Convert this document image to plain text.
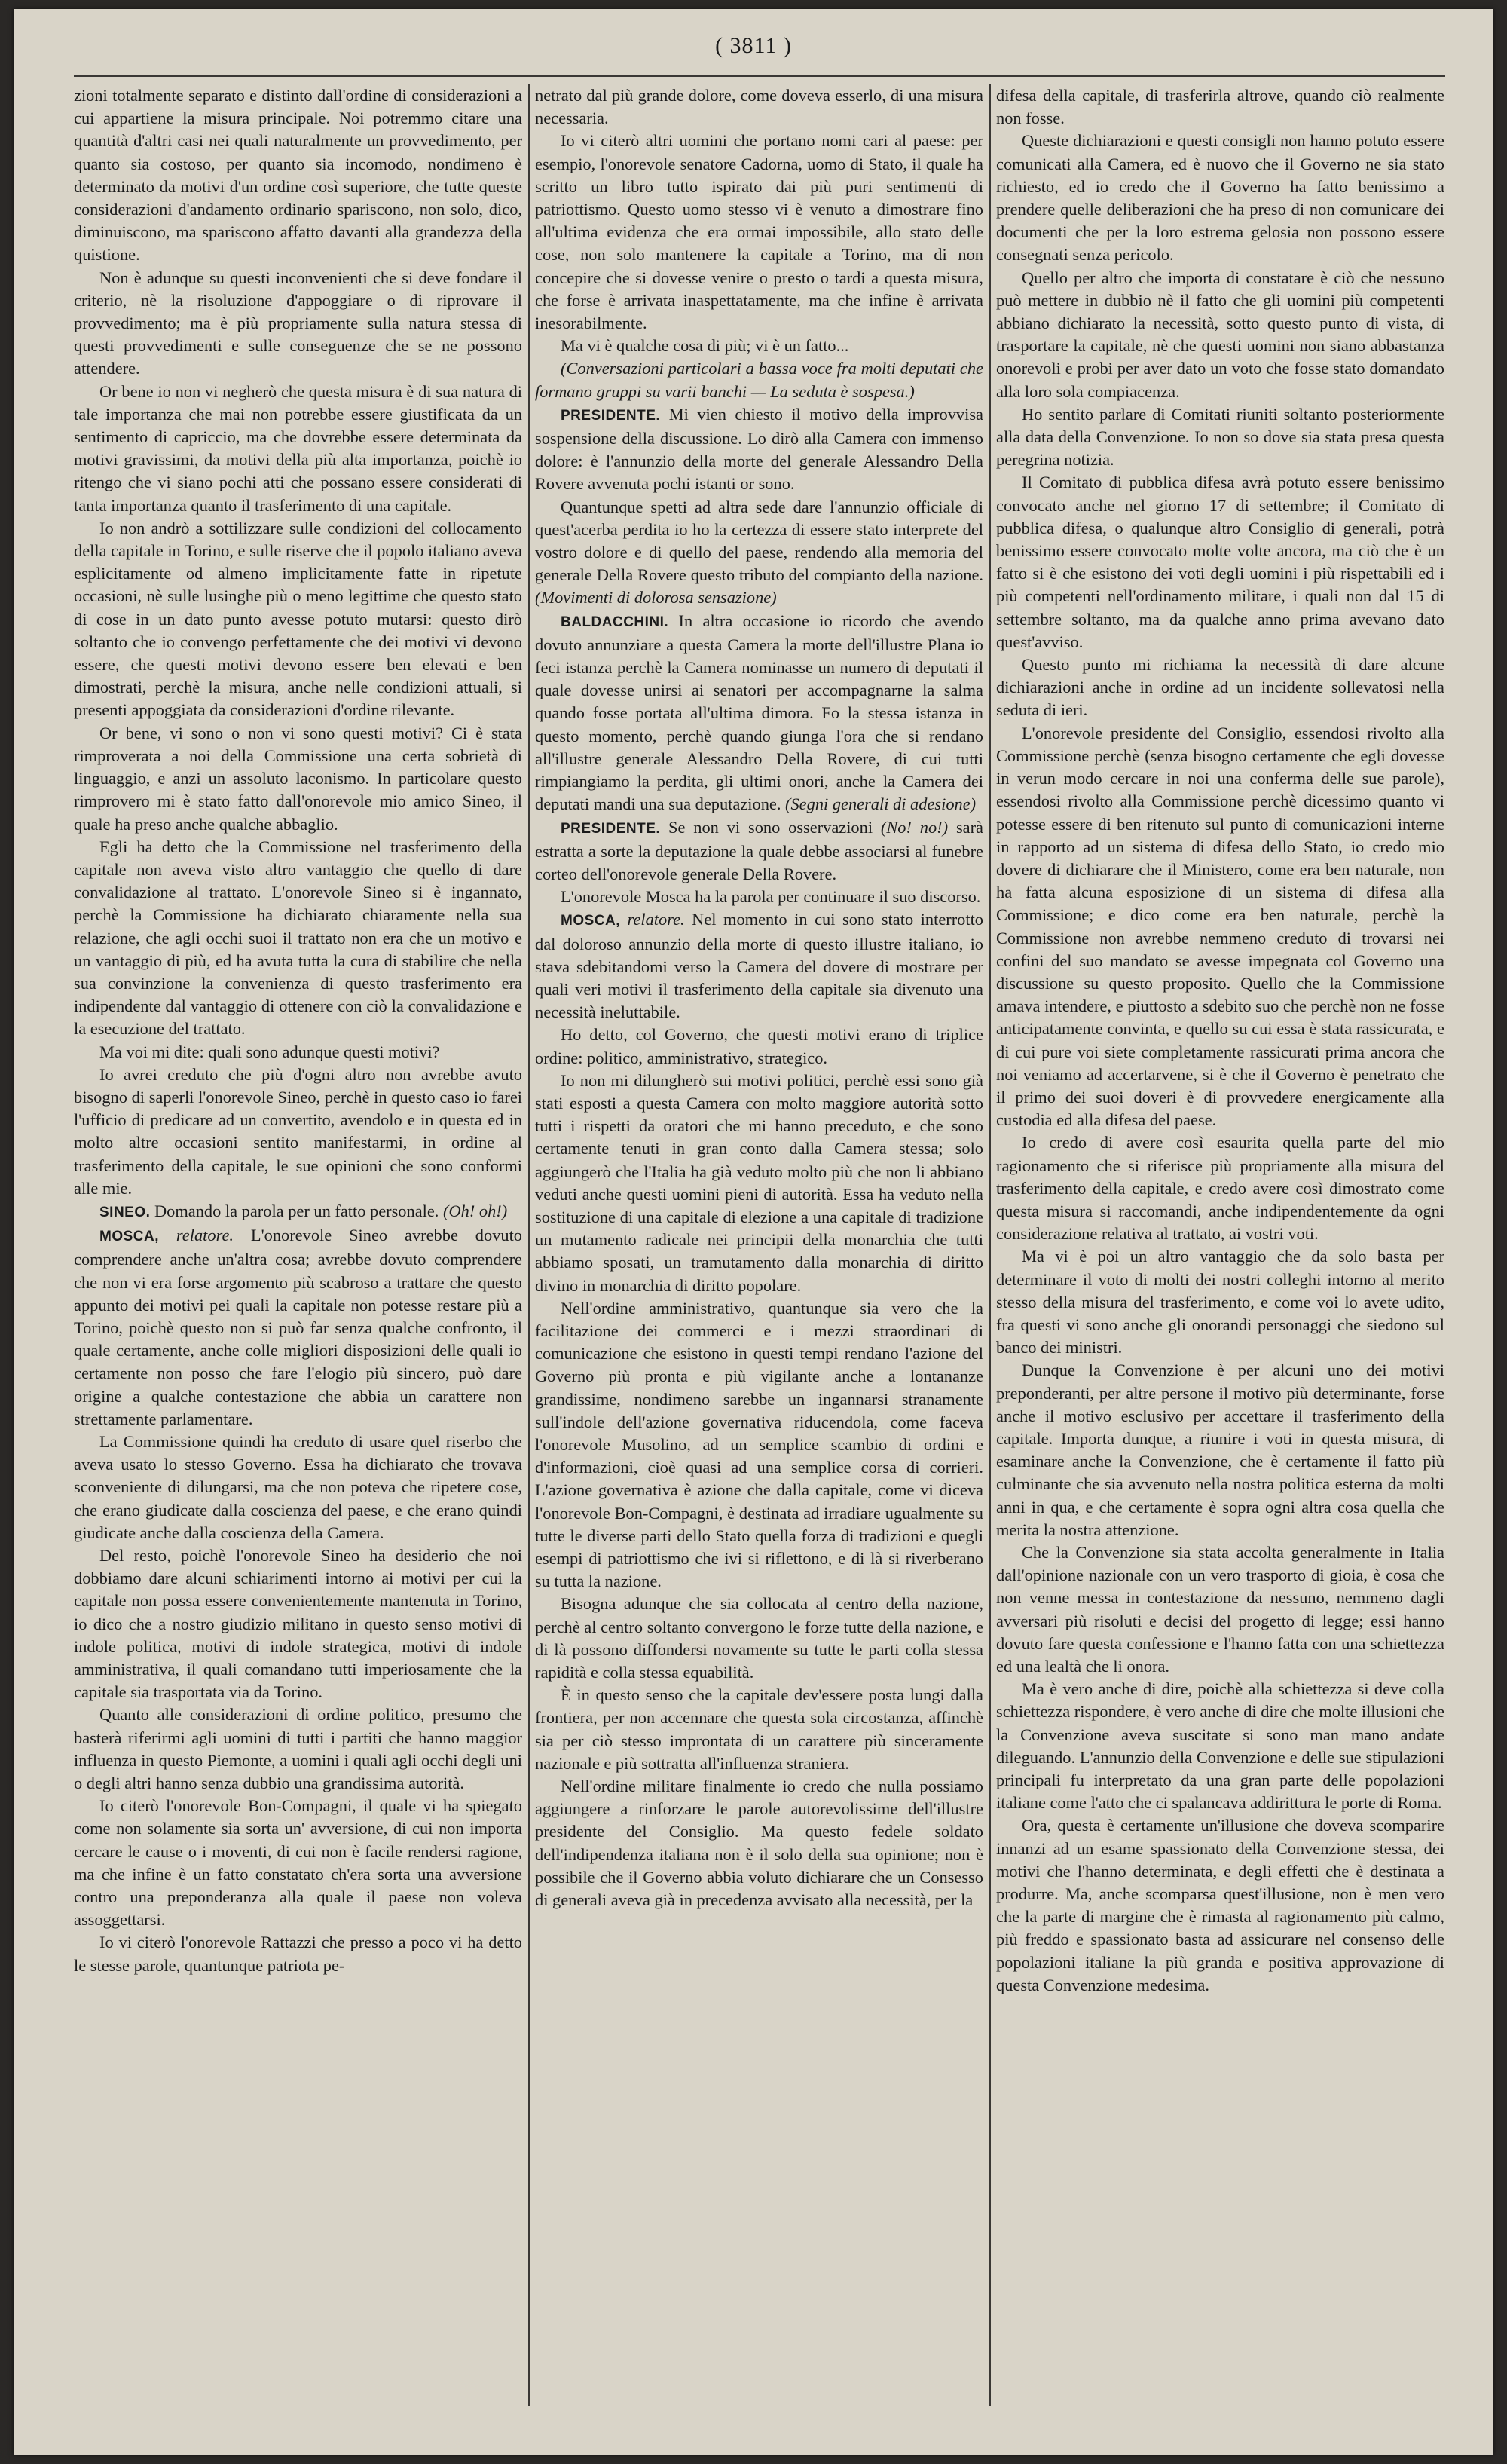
( 3811 )

zioni totalmente separato e distinto dall'ordine di considerazioni a cui appartiene la misura principale. Noi potremmo citare una quantità d'altri casi nei quali naturalmente un provvedimento, per quanto sia costoso, per quanto sia incomodo, nondimeno è determinato da motivi d'un ordine così superiore, che tutte queste considerazioni d'andamento ordinario spariscono, non solo, dico, diminuiscono, ma spariscono affatto davanti alla grandezza della quistione.

Non è adunque su questi inconvenienti che si deve fondare il criterio, nè la risoluzione d'appoggiare o di riprovare il provvedimento; ma è più propriamente sulla natura stessa di questi provvedimenti e sulle conseguenze che se ne possono attendere.

Or bene io non vi negherò che questa misura è di sua natura di tale importanza che mai non potrebbe essere giustificata da un sentimento di capriccio, ma che dovrebbe essere determinata da motivi gravissimi, da motivi della più alta importanza, poichè io ritengo che vi siano pochi atti che possano essere considerati di tanta importanza quanto il trasferimento di una capitale.

Io non andrò a sottilizzare sulle condizioni del collocamento della capitale in Torino, e sulle riserve che il popolo italiano aveva esplicitamente od almeno implicitamente fatte in ripetute occasioni, nè sulle lusinghe più o meno legittime che questo stato di cose in un dato punto avesse potuto mutarsi: questo dirò soltanto che io convengo perfettamente che dei motivi vi devono essere, che questi motivi devono essere ben elevati e ben dimostrati, perchè la misura, anche nelle condizioni attuali, si presenti appoggiata da considerazioni d'ordine rilevante.

Or bene, vi sono o non vi sono questi motivi? Ci è stata rimproverata a noi della Commissione una certa sobrietà di linguaggio, e anzi un assoluto laconismo. In particolare questo rimprovero mi è stato fatto dall'onorevole mio amico Sineo, il quale ha preso anche qualche abbaglio.

Egli ha detto che la Commissione nel trasferimento della capitale non aveva visto altro vantaggio che quello di dare convalidazione al trattato. L'onorevole Sineo si è ingannato, perchè la Commissione ha dichiarato chiaramente nella sua relazione, che agli occhi suoi il trattato non era che un motivo e un vantaggio di più, ed ha avuta tutta la cura di stabilire che nella sua convinzione la convenienza di questo trasferimento era indipendente dal vantaggio di ottenere con ciò la convalidazione e la esecuzione del trattato.

Ma voi mi dite: quali sono adunque questi motivi?

Io avrei creduto che più d'ogni altro non avrebbe avuto bisogno di saperli l'onorevole Sineo, perchè in questo caso io farei l'ufficio di predicare ad un convertito, avendolo e in questa ed in molto altre occasioni sentito manifestarmi, in ordine al trasferimento della capitale, le sue opinioni che sono conformi alle mie.

SINEO. Domando la parola per un fatto personale. (Oh! oh!)

MOSCA, relatore. L'onorevole Sineo avrebbe dovuto comprendere anche un'altra cosa; avrebbe dovuto comprendere che non vi era forse argomento più scabroso a trattare che questo appunto dei motivi pei quali la capitale non potesse restare più a Torino, poichè questo non si può far senza qualche confronto, il quale certamente, anche colle migliori disposizioni delle quali io certamente non posso che fare l'elogio più sincero, può dare origine a qualche contestazione che abbia un carattere non strettamente parlamentare.

La Commissione quindi ha creduto di usare quel riserbo che aveva usato lo stesso Governo. Essa ha dichiarato che trovava sconveniente di dilungarsi, ma che non poteva che ripetere cose, che erano giudicate dalla coscienza del paese, e che erano quindi giudicate anche dalla coscienza della Camera.

Del resto, poichè l'onorevole Sineo ha desiderio che noi dobbiamo dare alcuni schiarimenti intorno ai motivi per cui la capitale non possa essere convenientemente mantenuta in Torino, io dico che a nostro giudizio militano in questo senso motivi di indole politica, motivi di indole strategica, motivi di indole amministrativa, il quali comandano tutti imperiosamente che la capitale sia trasportata via da Torino.

Quanto alle considerazioni di ordine politico, presumo che basterà riferirmi agli uomini di tutti i partiti che hanno maggior influenza in questo Piemonte, a uomini i quali agli occhi degli uni o degli altri hanno senza dubbio una grandissima autorità.

Io citerò l'onorevole Bon-Compagni, il quale vi ha spiegato come non solamente sia sorta un' avversione, di cui non importa cercare le cause o i moventi, di cui non è facile rendersi ragione, ma che infine è un fatto constatato ch'era sorta una avversione contro una preponderanza alla quale il paese non voleva assoggettarsi.

Io vi citerò l'onorevole Rattazzi che presso a poco vi ha detto le stesse parole, quantunque patriota pe-

netrato dal più grande dolore, come doveva esserlo, di una misura necessaria.

Io vi citerò altri uomini che portano nomi cari al paese: per esempio, l'onorevole senatore Cadorna, uomo di Stato, il quale ha scritto un libro tutto ispirato dai più puri sentimenti di patriottismo. Questo uomo stesso vi è venuto a dimostrare fino all'ultima evidenza che era ormai impossibile, allo stato delle cose, non solo mantenere la capitale a Torino, ma di non concepire che si dovesse venire o presto o tardi a questa misura, che forse è arrivata inaspettatamente, ma che infine è arrivata inesorabilmente.

Ma vi è qualche cosa di più; vi è un fatto...

(Conversazioni particolari a bassa voce fra molti deputati che formano gruppi su varii banchi — La seduta è sospesa.)

PRESIDENTE. Mi vien chiesto il motivo della improvvisa sospensione della discussione. Lo dirò alla Camera con immenso dolore: è l'annunzio della morte del generale Alessandro Della Rovere avvenuta pochi istanti or sono.

Quantunque spetti ad altra sede dare l'annunzio officiale di quest'acerba perdita io ho la certezza di essere stato interprete del vostro dolore e di quello del paese, rendendo alla memoria del generale Della Rovere questo tributo del compianto della nazione. (Movimenti di dolorosa sensazione)

BALDACCHINI. In altra occasione io ricordo che avendo dovuto annunziare a questa Camera la morte dell'illustre Plana io feci istanza perchè la Camera nominasse un numero di deputati il quale dovesse unirsi ai senatori per accompagnarne la salma quando fosse portata all'ultima dimora. Fo la stessa istanza in questo momento, perchè quando giunga l'ora che si rendano all'illustre generale Alessandro Della Rovere, di cui tutti rimpiangiamo la perdita, gli ultimi onori, anche la Camera dei deputati mandi una sua deputazione. (Segni generali di adesione)

PRESIDENTE. Se non vi sono osservazioni (No! no!) sarà estratta a sorte la deputazione la quale debbe associarsi al funebre corteo dell'onorevole generale Della Rovere.

L'onorevole Mosca ha la parola per continuare il suo discorso.

MOSCA, relatore. Nel momento in cui sono stato interrotto dal doloroso annunzio della morte di questo illustre italiano, io stava sdebitandomi verso la Camera del dovere di mostrare per quali veri motivi il trasferimento della capitale sia divenuto una necessità ineluttabile.

Ho detto, col Governo, che questi motivi erano di triplice ordine: politico, amministrativo, strategico.

Io non mi dilungherò sui motivi politici, perchè essi sono già stati esposti a questa Camera con molto maggiore autorità sotto tutti i rispetti da oratori che mi hanno preceduto, e che sono certamente tenuti in gran conto dalla Camera stessa; solo aggiungerò che l'Italia ha già veduto molto più che non li abbiano veduti anche questi uomini pieni di autorità. Essa ha veduto nella sostituzione di una capitale di elezione a una capitale di tradizione un mutamento radicale nei principii della monarchia che tutti abbiamo sposati, un tramutamento dalla monarchia di diritto divino in monarchia di diritto popolare.

Nell'ordine amministrativo, quantunque sia vero che la facilitazione dei commerci e i mezzi straordinari di comunicazione che esistono in questi tempi rendano l'azione del Governo più pronta e più vigilante anche a lontananze grandissime, nondimeno sarebbe un ingannarsi stranamente sull'indole dell'azione governativa riducendola, come faceva l'onorevole Musolino, ad un semplice scambio di ordini e d'informazioni, cioè quasi ad una semplice corsa di corrieri. L'azione governativa è azione che dalla capitale, come vi diceva l'onorevole Bon-Compagni, è destinata ad irradiare ugualmente su tutte le diverse parti dello Stato quella forza di tradizioni e quegli esempi di patriottismo che ivi si riflettono, e di là si riverberano su tutta la nazione.

Bisogna adunque che sia collocata al centro della nazione, perchè al centro soltanto convergono le forze tutte della nazione, e di là possono diffondersi novamente su tutte le parti colla stessa rapidità e colla stessa equabilità.

È in questo senso che la capitale dev'essere posta lungi dalla frontiera, per non accennare che questa sola circostanza, affinchè sia per ciò stesso improntata di un carattere più sinceramente nazionale e più sottratta all'influenza straniera.

Nell'ordine militare finalmente io credo che nulla possiamo aggiungere a rinforzare le parole autorevolissime dell'illustre presidente del Consiglio. Ma questo fedele soldato dell'indipendenza italiana non è il solo della sua opinione; non è possibile che il Governo abbia voluto dichiarare che un Consesso di generali aveva già in precedenza avvisato alla necessità, per la

difesa della capitale, di trasferirla altrove, quando ciò realmente non fosse.

Queste dichiarazioni e questi consigli non hanno potuto essere comunicati alla Camera, ed è nuovo che il Governo ne sia stato richiesto, ed io credo che il Governo ha fatto benissimo a prendere quelle deliberazioni che ha preso di non comunicare dei documenti che per la loro estrema gelosia non possono essere consegnati senza pericolo.

Quello per altro che importa di constatare è ciò che nessuno può mettere in dubbio nè il fatto che gli uomini più competenti abbiano dichiarato la necessità, sotto questo punto di vista, di trasportare la capitale, nè che questi uomini non siano abbastanza onorevoli e probi per aver dato un voto che fosse stato domandato alla loro sola compiacenza.

Ho sentito parlare di Comitati riuniti soltanto posteriormente alla data della Convenzione. Io non so dove sia stata presa questa peregrina notizia.

Il Comitato di pubblica difesa avrà potuto essere benissimo convocato anche nel giorno 17 di settembre; il Comitato di pubblica difesa, o qualunque altro Consiglio di generali, potrà benissimo essere convocato molte volte ancora, ma ciò che è un fatto si è che esistono dei voti degli uomini i più rispettabili ed i più competenti nell'ordinamento militare, i quali non dal 15 di settembre soltanto, ma da qualche anno prima avevano dato quest'avviso.

Questo punto mi richiama la necessità di dare alcune dichiarazioni anche in ordine ad un incidente sollevatosi nella seduta di ieri.

L'onorevole presidente del Consiglio, essendosi rivolto alla Commissione perchè (senza bisogno certamente che egli dovesse in verun modo cercare in noi una conferma delle sue parole), essendosi rivolto alla Commissione perchè dicessimo quanto vi potesse essere di ben ritenuto sul punto di comunicazioni interne in rapporto ad un sistema di difesa dello Stato, io credo mio dovere di dichiarare che il Ministero, come era ben naturale, non ha fatta alcuna esposizione di un sistema di difesa alla Commissione; e dico come era ben naturale, perchè la Commissione non avrebbe nemmeno creduto di trovarsi nei confini del suo mandato se avesse impegnata col Governo una discussione su questo proposito. Quello che la Commissione amava intendere, e piuttosto a sdebito suo che perchè non ne fosse anticipatamente convinta, e quello su cui essa è stata rassicurata, e di cui pure voi siete completamente rassicurati prima ancora che noi veniamo ad accertarvene, si è che il Governo è penetrato che il primo dei suoi doveri è di provvedere energicamente alla custodia ed alla difesa del paese.

Io credo di avere così esaurita quella parte del mio ragionamento che si riferisce più propriamente alla misura del trasferimento della capitale, e credo avere così dimostrato come questa misura si raccomandi, anche indipendentemente da ogni considerazione relativa al trattato, ai vostri voti.

Ma vi è poi un altro vantaggio che da solo basta per determinare il voto di molti dei nostri colleghi intorno al merito stesso della misura del trasferimento, e come voi lo avete udito, fra questi vi sono anche gli onorandi personaggi che siedono sul banco dei ministri.

Dunque la Convenzione è per alcuni uno dei motivi preponderanti, per altre persone il motivo più determinante, forse anche il motivo esclusivo per accettare il trasferimento della capitale. Importa dunque, a riunire i voti in questa misura, di esaminare anche la Convenzione, che è certamente il fatto più culminante che sia avvenuto nella nostra politica esterna da molti anni in qua, e che certamente è sopra ogni altra cosa quella che merita la nostra attenzione.

Che la Convenzione sia stata accolta generalmente in Italia dall'opinione nazionale con un vero trasporto di gioia, è cosa che non venne messa in contestazione da nessuno, nemmeno dagli avversari più risoluti e decisi del progetto di legge; essi hanno dovuto fare questa confessione e l'hanno fatta con una schiettezza ed una lealtà che li onora.

Ma è vero anche di dire, poichè alla schiettezza si deve colla schiettezza rispondere, è vero anche di dire che molte illusioni che la Convenzione aveva suscitate si sono man mano andate dileguando. L'annunzio della Convenzione e delle sue stipulazioni principali fu interpretato da una gran parte delle popolazioni italiane come l'atto che ci spalancava addirittura le porte di Roma.

Ora, questa è certamente un'illusione che doveva scomparire innanzi ad un esame spassionato della Convenzione stessa, dei motivi che l'hanno determinata, e degli effetti che è destinata a produrre. Ma, anche scomparsa quest'illusione, non è men vero che la parte di margine che è rimasta al ragionamento più calmo, più freddo e spassionato basta ad assicurare nel consenso delle popolazioni italiane la più granda e positiva approvazione di questa Convenzione medesima.
